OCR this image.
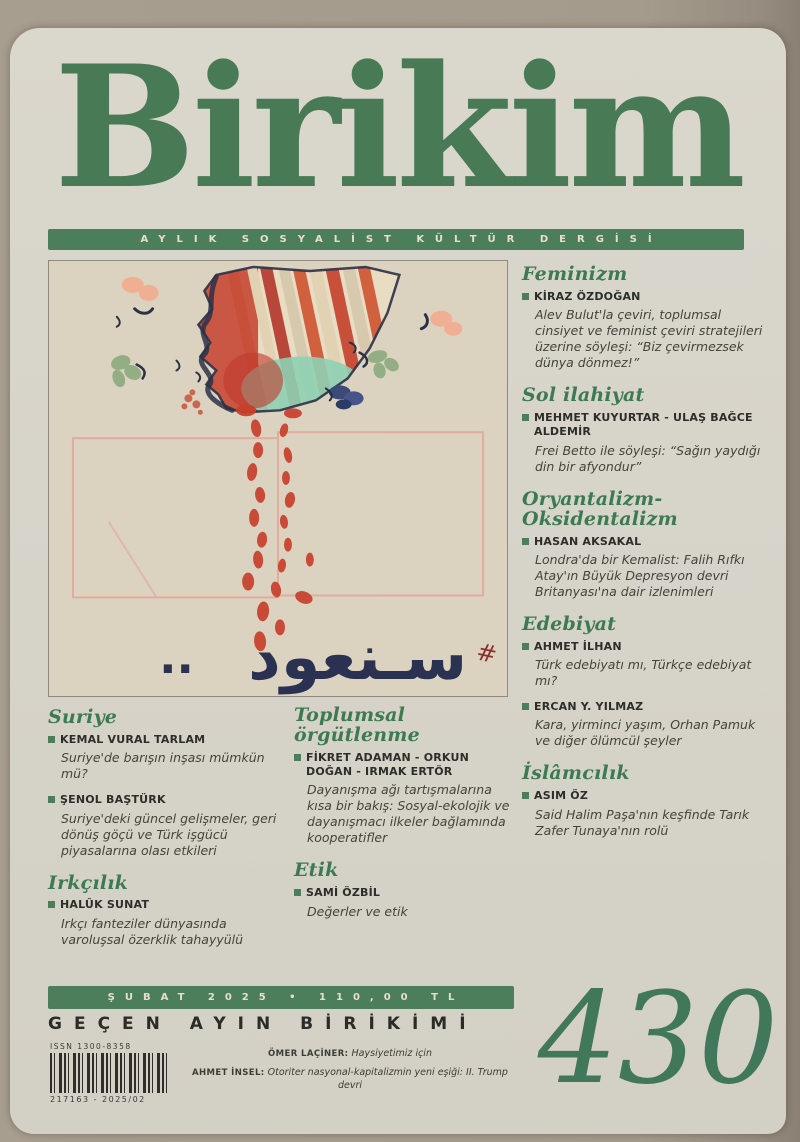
Birikim
AYLIK SOSYALİST KÜLTÜR DERGİSİ
سـنعود
..	#
Suriye
KEMAL VURAL TARLAM
Suriye'de barışın inşası mümkün mü?
ŞENOL BAŞTÜRK
Suriye'deki güncel gelişmeler, geri dönüş göçü ve Türk işgücü piyasalarına olası etkileri
Irkçılık
HALÛK SUNAT
Irkçı fanteziler dünyasında varoluşsal özerklik tahayyülü
Toplumsal örgütlenme
FİKRET ADAMAN - ORKUN DOĞAN - IRMAK ERTÖR
Dayanışma ağı tartışmalarına kısa bir bakış: Sosyal-ekolojik ve dayanışmacı ilkeler bağlamında kooperatifler
Etik
SAMİ ÖZBİL
Değerler ve etik
Feminizm
KİRAZ ÖZDOĞAN
Alev Bulut'la çeviri, toplumsal cinsiyet ve feminist çeviri stratejileri üzerine söyleşi: “Biz çevirmezsek dünya dönmez!”
Sol ilahiyat
MEHMET KUYURTAR - ULAŞ BAĞCE ALDEMİR
Frei Betto ile söyleşi: “Sağın yaydığı din bir afyondur”
Oryantalizm-Oksidentalizm
HASAN AKSAKAL
Londra'da bir Kemalist: Falih Rıfkı Atay'ın Büyük Depresyon devri Britanyası'na dair izlenimleri
Edebiyat
AHMET İLHAN
Türk edebiyatı mı, Türkçe edebiyat mı?
ERCAN Y. YILMAZ
Kara, yirminci yaşım, Orhan Pamuk ve diğer ölümcül şeyler
İslâmcılık
ASIM ÖZ
Said Halim Paşa'nın keşfinde Tarık Zafer Tunaya'nın rolü
ŞUBAT 2025 • 110,00 TL
GEÇEN AYIN BİRİKİMİ
ISSN 1300-8358
217163 - 2025/02
ÖMER LAÇİNER: Haysiyetimiz için
AHMET İNSEL: Otoriter nasyonal-kapitalizmin yeni eşiği: II. Trump devri	430
